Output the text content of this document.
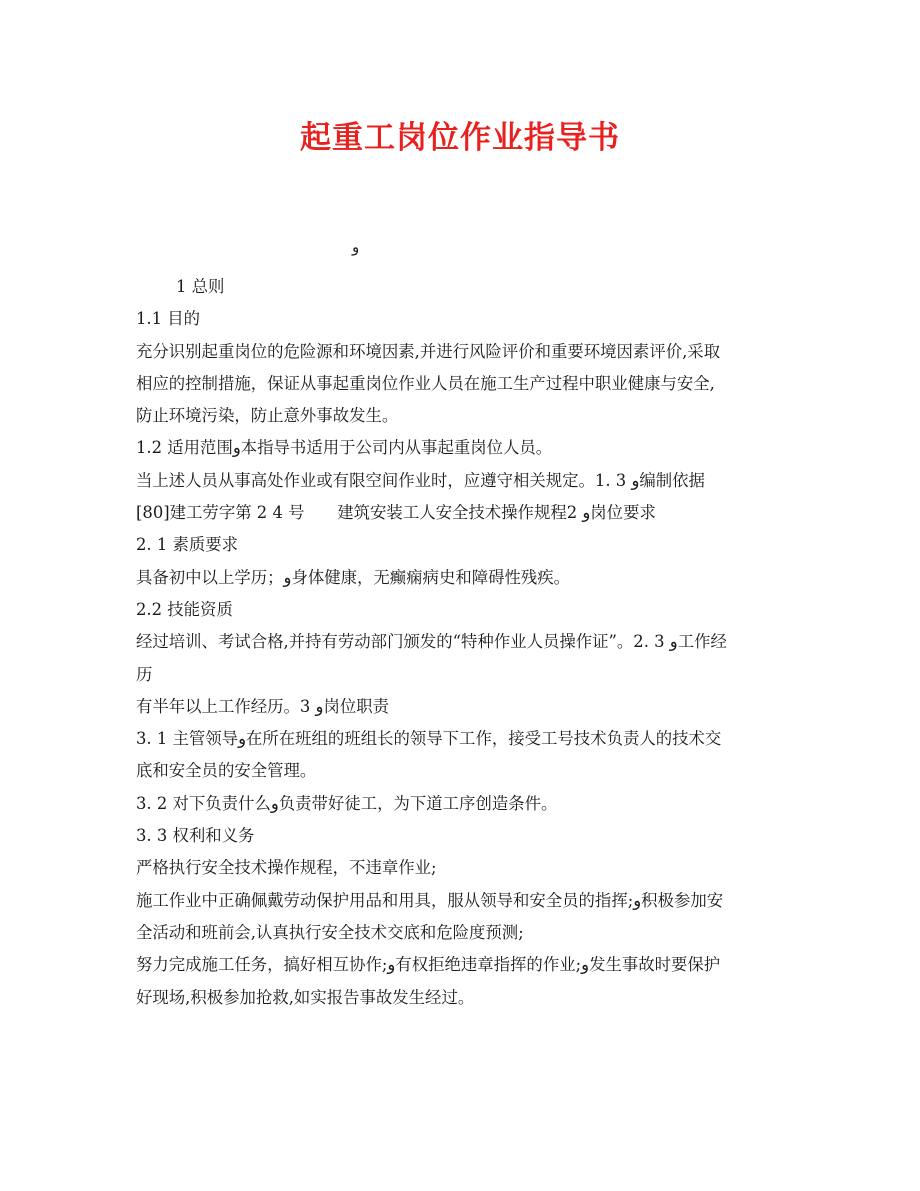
起重工岗位作业指导书
و
1 总则
1.1 目的
充分识别起重岗位的危险源和环境因素,并进行风险评价和重要环境因素评价,采取
相应的控制措施，保证从事起重岗位作业人员在施工生产过程中职业健康与安全,
防止环境污染，防止意外事故发生。
1.2 适用范围و本指导书适用于公司内从事起重岗位人员。
当上述人员从事高处作业或有限空间作业时，应遵守相关规定。1. 3 و编制依据
[80]建工劳字第 2 4 号　　建筑安装工人安全技术操作规程2 و岗位要求
2. 1 素质要求
具备初中以上学历；و身体健康，无癫痫病史和障碍性残疾。
2.2 技能资质
经过培训、考试合格,并持有劳动部门颁发的“特种作业人员操作证”。2. 3 و工作经
历
有半年以上工作经历。3 و岗位职责
3. 1 主管领导و在所在班组的班组长的领导下工作，接受工号技术负责人的技术交
底和安全员的安全管理。
3. 2 对下负责什么و负责带好徒工，为下道工序创造条件。
3. 3 权利和义务
严格执行安全技术操作规程，不违章作业;
施工作业中正确佩戴劳动保护用品和用具，服从领导和安全员的指挥;و积极参加安
全活动和班前会,认真执行安全技术交底和危险度预测;
努力完成施工任务，搞好相互协作;و有权拒绝违章指挥的作业;و发生事故时要保护
好现场,积极参加抢救,如实报告事故发生经过。
